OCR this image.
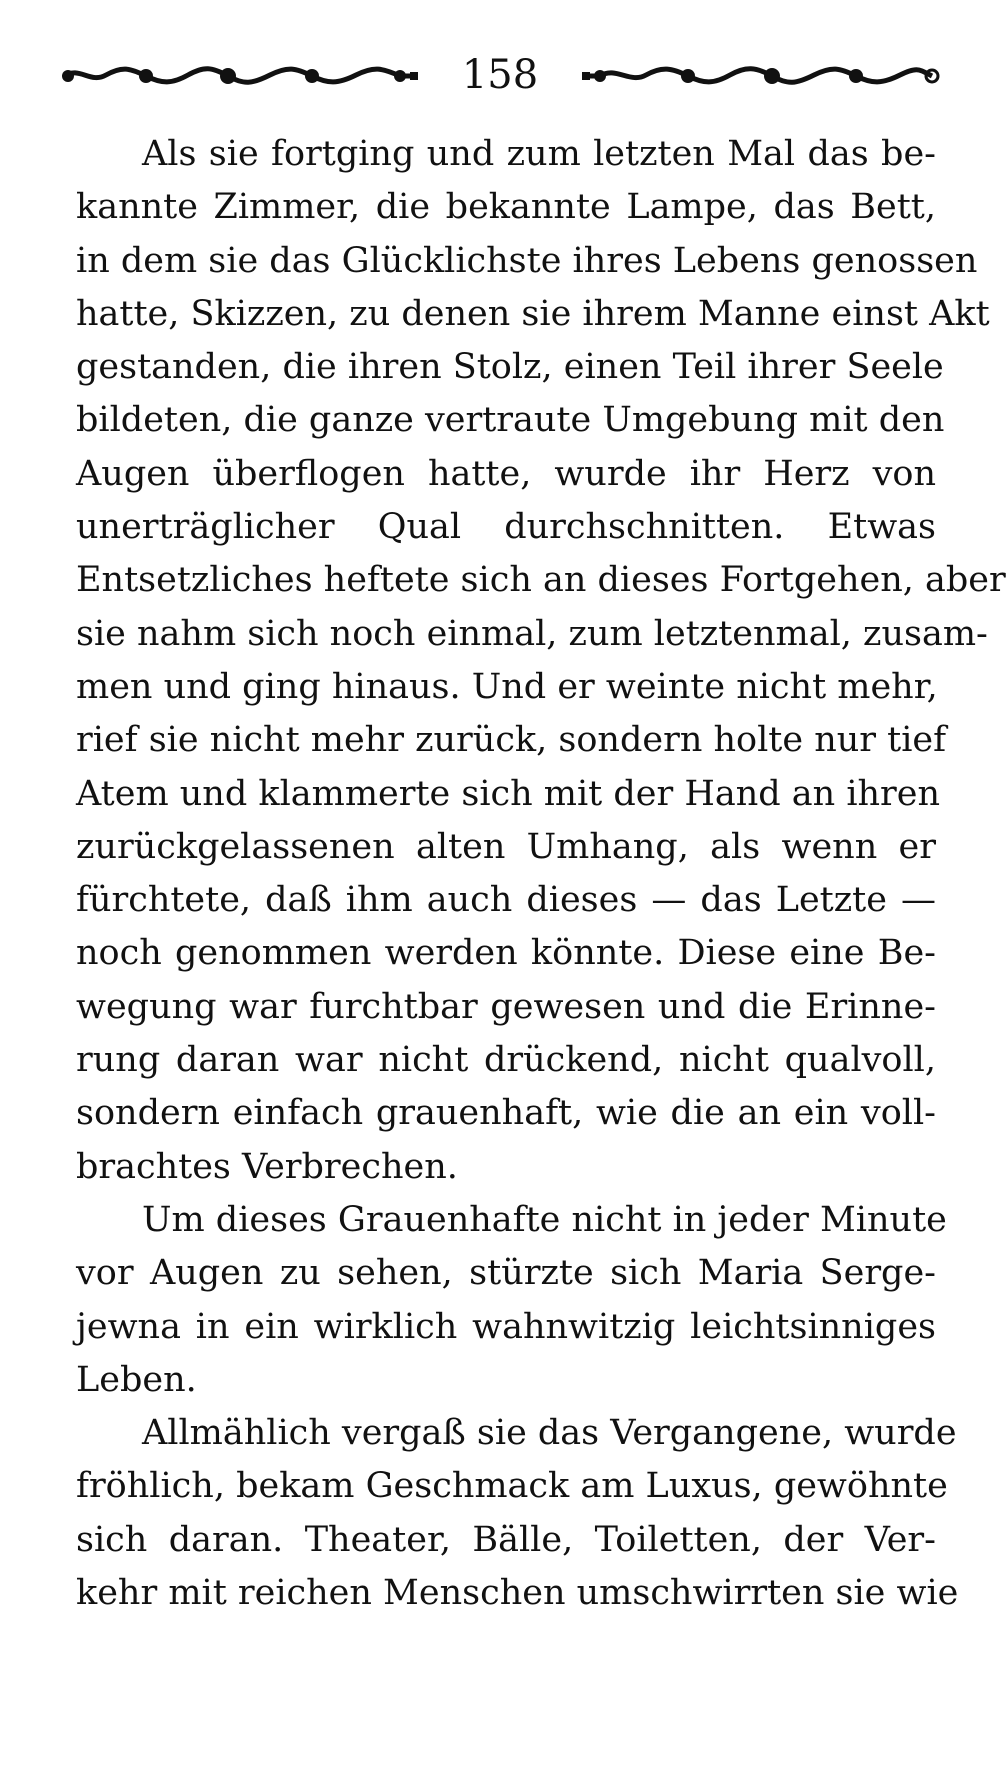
158
Als sie fortging und zum letzten Mal das be-
kannte Zimmer, die bekannte Lampe, das Bett,
in dem sie das Glücklichste ihres Lebens genossen
hatte, Skizzen, zu denen sie ihrem Manne einst Akt
gestanden, die ihren Stolz, einen Teil ihrer Seele
bildeten, die ganze vertraute Umgebung mit den
Augen überflogen hatte, wurde ihr Herz von
unerträglicher Qual durchschnitten. Etwas
Entsetzliches heftete sich an dieses Fortgehen, aber
sie nahm sich noch einmal, zum letztenmal, zusam-
men und ging hinaus. Und er weinte nicht mehr,
rief sie nicht mehr zurück, sondern holte nur tief
Atem und klammerte sich mit der Hand an ihren
zurückgelassenen alten Umhang, als wenn er
fürchtete, daß ihm auch dieses — das Letzte —
noch genommen werden könnte. Diese eine Be-
wegung war furchtbar gewesen und die Erinne-
rung daran war nicht drückend, nicht qualvoll,
sondern einfach grauenhaft, wie die an ein voll-
brachtes Verbrechen.
Um dieses Grauenhafte nicht in jeder Minute
vor Augen zu sehen, stürzte sich Maria Serge-
jewna in ein wirklich wahnwitzig leichtsinniges
Leben.
Allmählich vergaß sie das Vergangene, wurde
fröhlich, bekam Geschmack am Luxus, gewöhnte
sich daran. Theater, Bälle, Toiletten, der Ver-
kehr mit reichen Menschen umschwirrten sie wie
